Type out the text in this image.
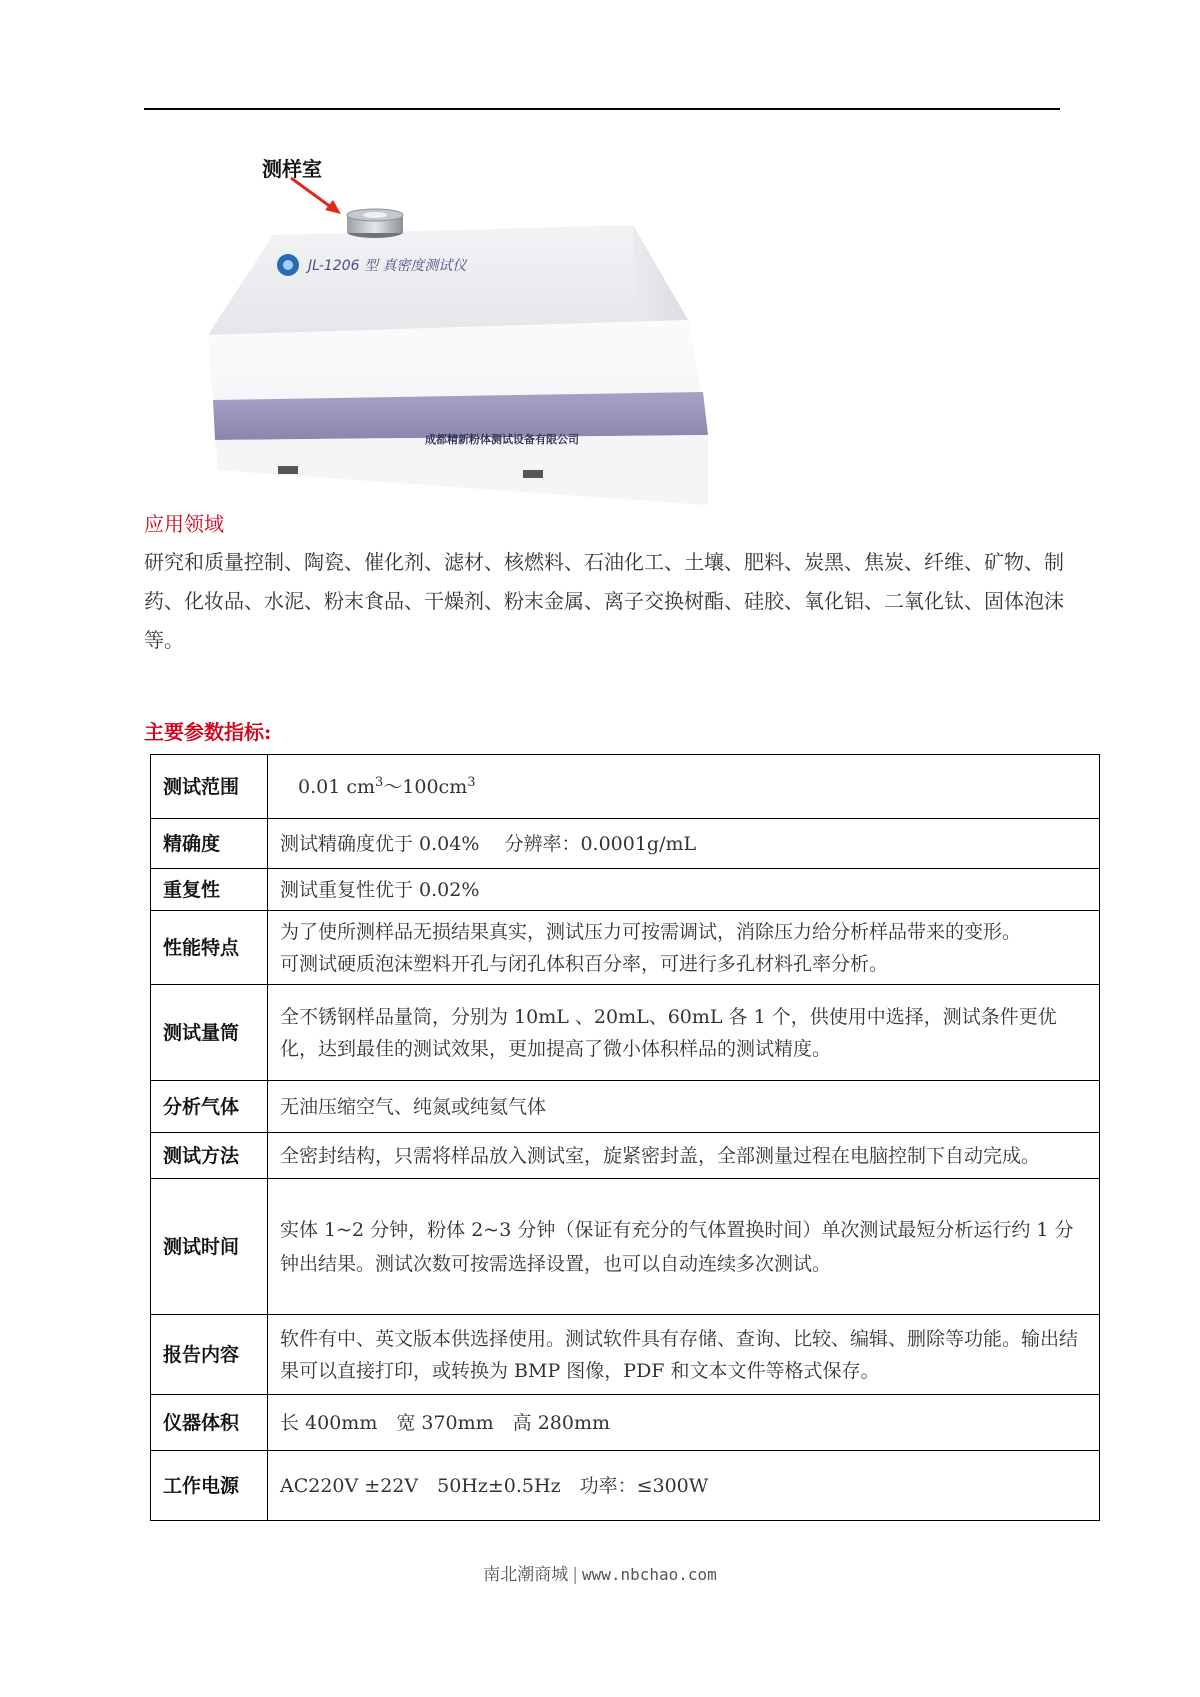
测样室
JL-1206 型 真密度测试仪
成都精新粉体测试设备有限公司
应用领域
研究和质量控制、陶瓷、催化剂、滤材、核燃料、石油化工、土壤、肥料、炭黑、焦炭、纤维、矿物、制药、化妆品、水泥、粉末食品、干燥剂、粉末金属、离子交换树酯、硅胶、氧化铝、二氧化钛、固体泡沫等。
主要参数指标:
测试范围	0.01 $cm^3\sim 100cm^3$
精确度	测试精确度优于 0.04%　 分辨率：0.0001g/mL
重复性	测试重复性优于 0.02%
性能特点	为了使所测样品无损结果真实，测试压力可按需调试，消除压力给分析样品带来的变形。
可测试硬质泡沫塑料开孔与闭孔体积百分率，可进行多孔材料孔率分析。

测试量筒	全不锈钢样品量筒，分别为 10mL 、20mL、60mL 各 1 个，供使用中选择，测试条件更优化，达到最佳的测试效果，更加提高了微小体积样品的测试精度。
分析气体	无油压缩空气、纯氮或纯氦气体
测试方法	全密封结构，只需将样品放入测试室，旋紧密封盖，全部测量过程在电脑控制下自动完成。
测试时间	实体 1~2 分钟，粉体 2~3 分钟（保证有充分的气体置换时间）单次测试最短分析运行约 1 分钟出结果。测试次数可按需选择设置，也可以自动连续多次测试。
报告内容	软件有中、英文版本供选择使用。测试软件具有存储、查询、比较、编辑、删除等功能。输出结果可以直接打印，或转换为 BMP 图像，PDF 和文本文件等格式保存。
仪器体积	长 400mm　宽 370mm　高 280mm
工作电源	AC220V ±22V　50Hz±0.5Hz　功率：≤300W
南北潮商城 | www.nbchao.com
